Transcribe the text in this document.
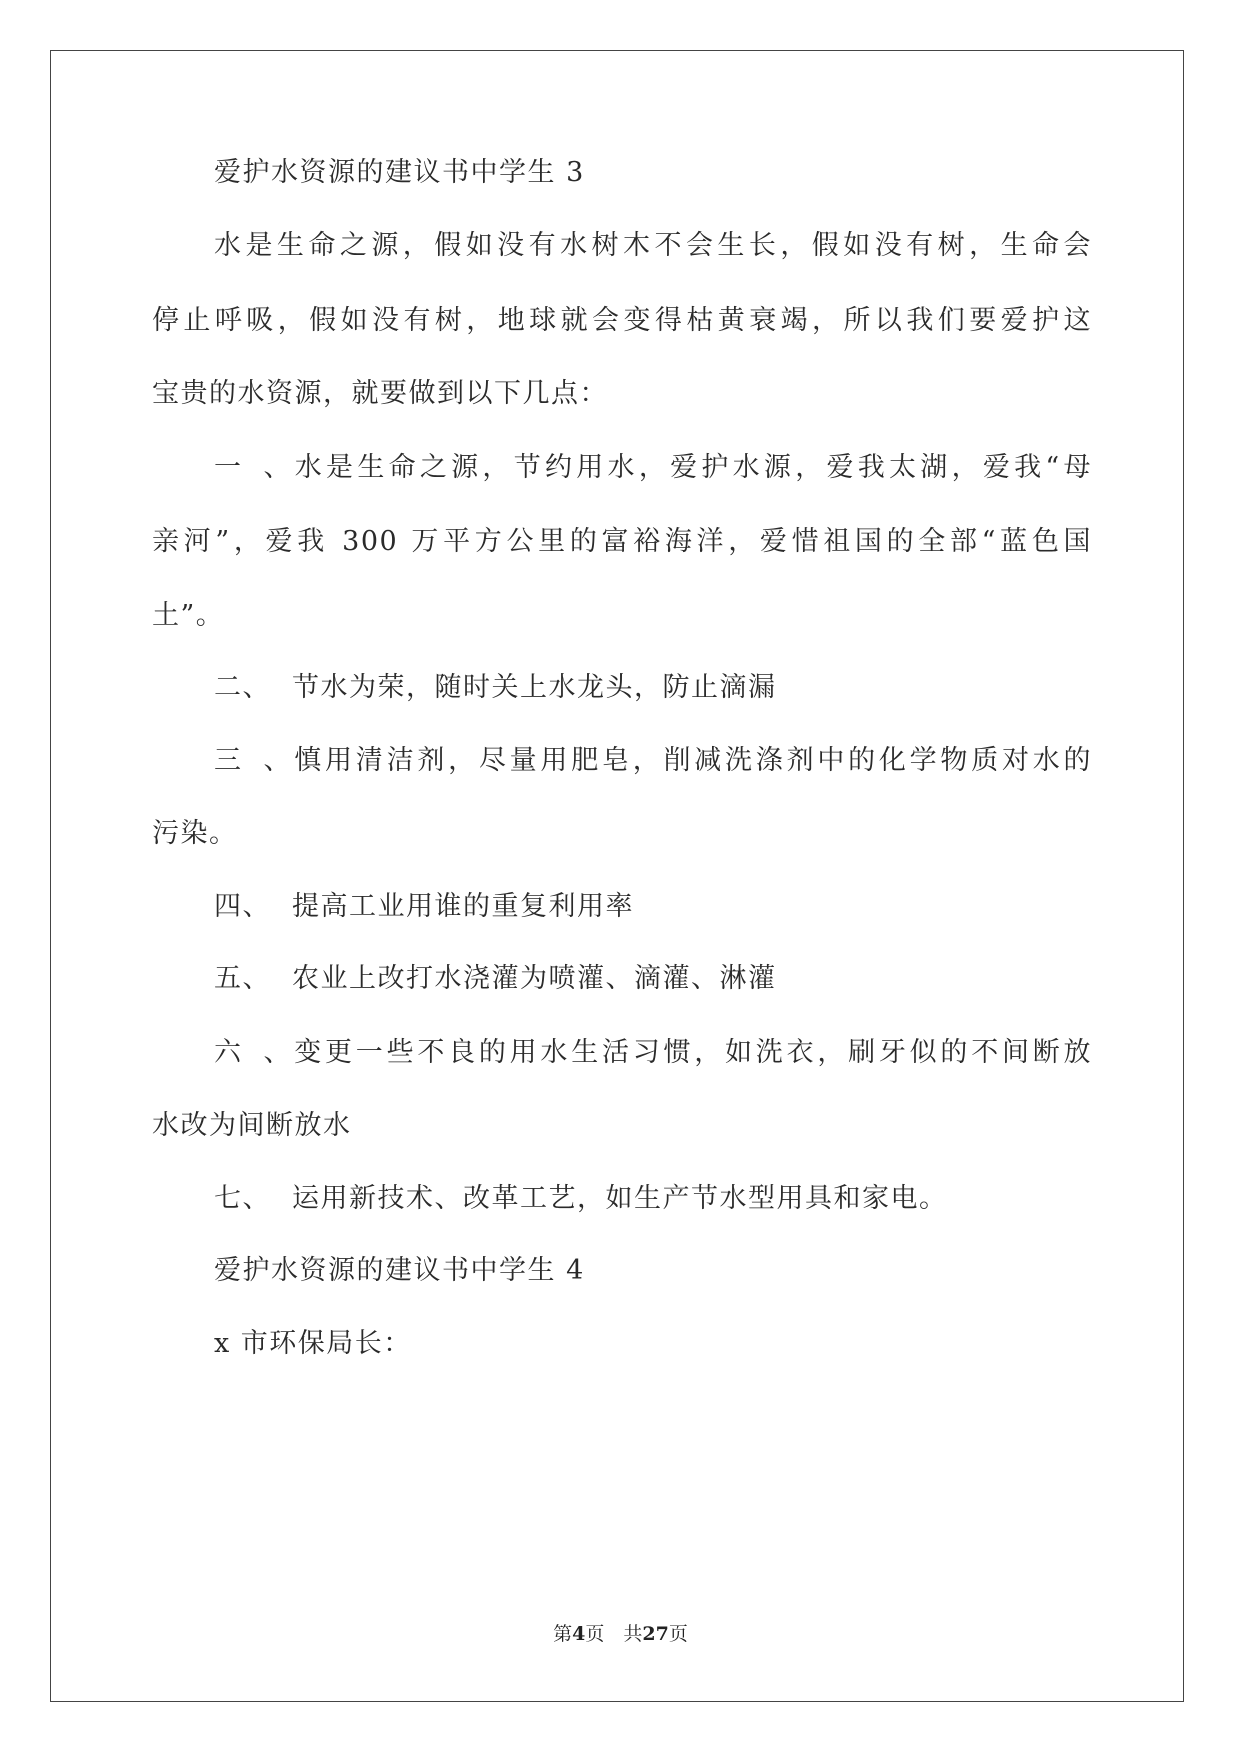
爱护水资源的建议书中学生 3
水是生命之源，假如没有水树木不会生长，假如没有树，生命会
停止呼吸，假如没有树，地球就会变得枯黄衰竭，所以我们要爱护这
宝贵的水资源，就要做到以下几点：
一、水是生命之源，节约用水，爱护水源，爱我太湖，爱我“母
亲河”，爱我 300 万平方公里的富裕海洋，爱惜祖国的全部“蓝色国
土”。
二、 节水为荣，随时关上水龙头，防止滴漏
三、慎用清洁剂，尽量用肥皂，削减洗涤剂中的化学物质对水的
污染。
四、 提高工业用谁的重复利用率
五、 农业上改打水浇灌为喷灌、滴灌、淋灌
六、变更一些不良的用水生活习惯，如洗衣，刷牙似的不间断放
水改为间断放水
七、 运用新技术、改革工艺，如生产节水型用具和家电。
爱护水资源的建议书中学生 4
x 市环保局长：
第4页  共27页
